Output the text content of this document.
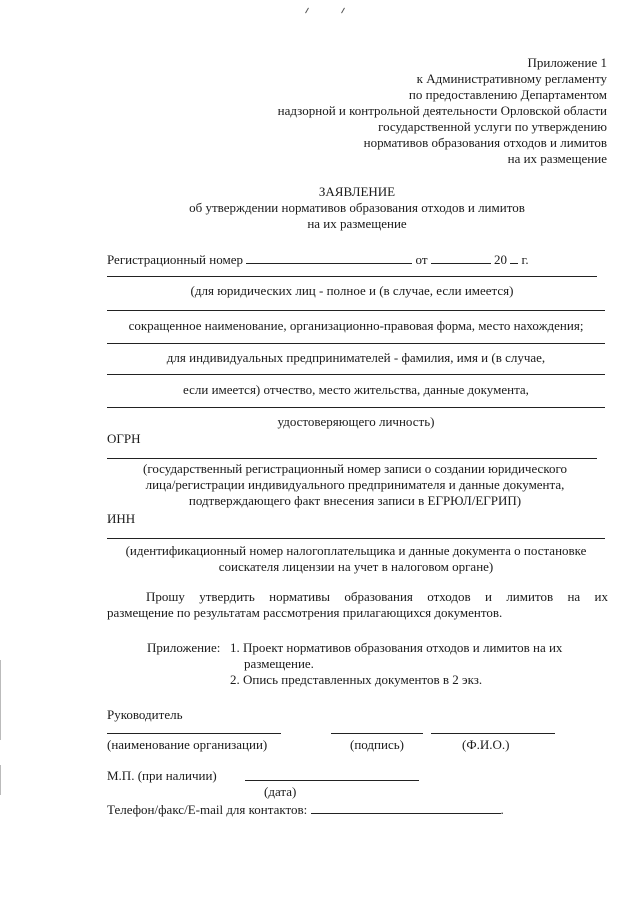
Приложение 1
к Административному регламенту
по предоставлению Департаментом
надзорной и контрольной деятельности Орловской области
государственной услуги по утверждению
нормативов образования отходов и лимитов
на их размещение
ЗАЯВЛЕНИЕ
об утверждении нормативов образования отходов и лимитов
на их размещение
Регистрационный номер	от	20 г.
(для юридических лиц - полное и (в случае, если имеется)
сокращенное наименование, организационно-правовая форма, место нахождения;
для индивидуальных предпринимателей - фамилия, имя и (в случае,
если имеется) отчество, место жительства, данные документа,
удостоверяющего личность)
ОГРН
(государственный регистрационный номер записи о создании юридического
лица/регистрации индивидуального предпринимателя и данные документа,
подтверждающего факт внесения записи в ЕГРЮЛ/ЕГРИП)
ИНН
(идентификационный номер налогоплательщика и данные документа о постановке
соискателя лицензии на учет в налоговом органе)
Прошу утвердить нормативы образования отходов и лимитов на их
размещение по результатам рассмотрения прилагающихся документов.
Приложение: 1. Проект нормативов образования отходов и лимитов на их
размещение.
2. Опись представленных документов в 2 экз.
Руководитель
(наименование организации)	(подпись)	(Ф.И.О.)
М.П. (при наличии)
(дата)
Телефон/факс/E-mail для контактов:	.
